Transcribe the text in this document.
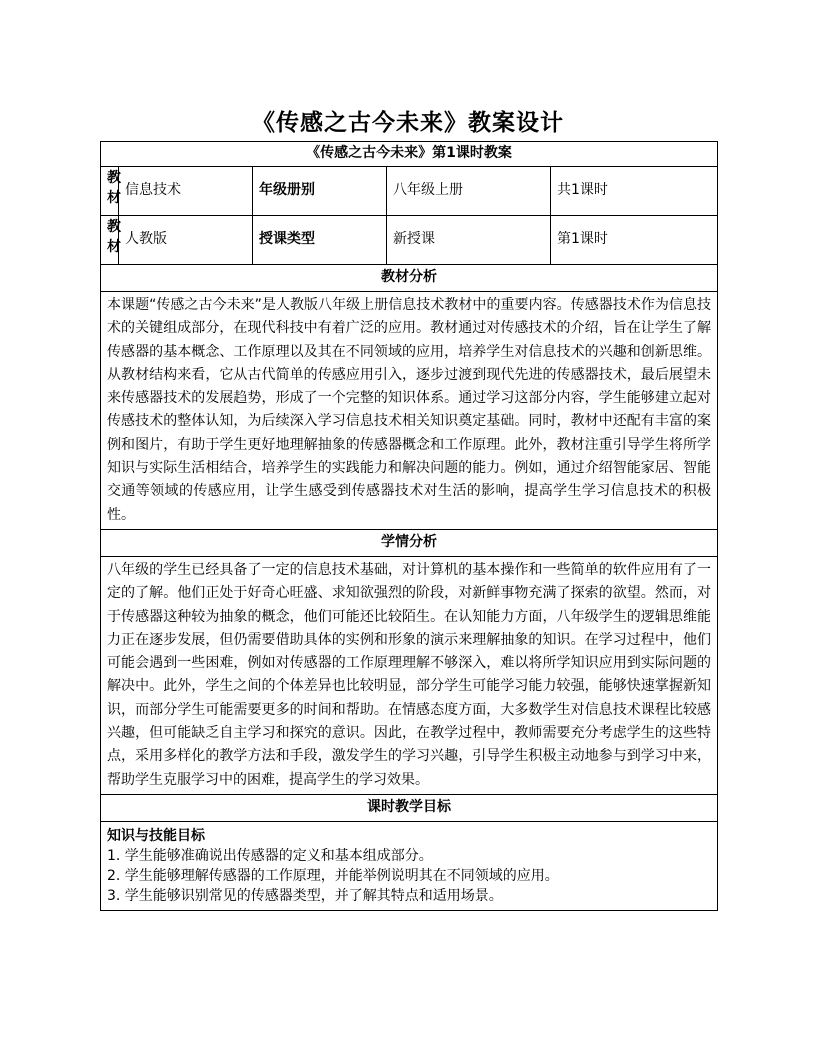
《传感之古今未来》教案设计
《传感之古今未来》第1课时教案				

教
材	信息技术	年级册别	八年级上册	共1课时

教
材	人教版	授课类型	新授课	第1课时
教材分析				
本课题“传感之古今未来”是人教版八年级上册信息技术教材中的重要内容。传感器技术作为信息技术的关键组成部分，在现代科技中有着广泛的应用。教材通过对传感技术的介绍，旨在让学生了解传感器的基本概念、工作原理以及其在不同领域的应用，培养学生对信息技术的兴趣和创新思维。从教材结构来看，它从古代简单的传感应用引入，逐步过渡到现代先进的传感器技术，最后展望未来传感器技术的发展趋势，形成了一个完整的知识体系。通过学习这部分内容，学生能够建立起对传感技术的整体认知，为后续深入学习信息技术相关知识奠定基础。同时，教材中还配有丰富的案例和图片，有助于学生更好地理解抽象的传感器概念和工作原理。此外，教材注重引导学生将所学知识与实际生活相结合，培养学生的实践能力和解决问题的能力。例如，通过介绍智能家居、智能交通等领域的传感应用，让学生感受到传感器技术对生活的影响，提高学生学习信息技术的积极性。				
学情分析				
八年级的学生已经具备了一定的信息技术基础，对计算机的基本操作和一些简单的软件应用有了一定的了解。他们正处于好奇心旺盛、求知欲强烈的阶段，对新鲜事物充满了探索的欲望。然而，对于传感器这种较为抽象的概念，他们可能还比较陌生。在认知能力方面，八年级学生的逻辑思维能力正在逐步发展，但仍需要借助具体的实例和形象的演示来理解抽象的知识。在学习过程中，他们可能会遇到一些困难，例如对传感器的工作原理理解不够深入，难以将所学知识应用到实际问题的解决中。此外，学生之间的个体差异也比较明显，部分学生可能学习能力较强，能够快速掌握新知识，而部分学生可能需要更多的时间和帮助。在情感态度方面，大多数学生对信息技术课程比较感兴趣，但可能缺乏自主学习和探究的意识。因此，在教学过程中，教师需要充分考虑学生的这些特点，采用多样化的教学方法和手段，激发学生的学习兴趣，引导学生积极主动地参与到学习中来，帮助学生克服学习中的困难，提高学生的学习效果。				
课时教学目标				

知识与技能目标
1. 学生能够准确说出传感器的定义和基本组成部分。
2. 学生能够理解传感器的工作原理，并能举例说明其在不同领域的应用。
3. 学生能够识别常见的传感器类型，并了解其特点和适用场景。				
